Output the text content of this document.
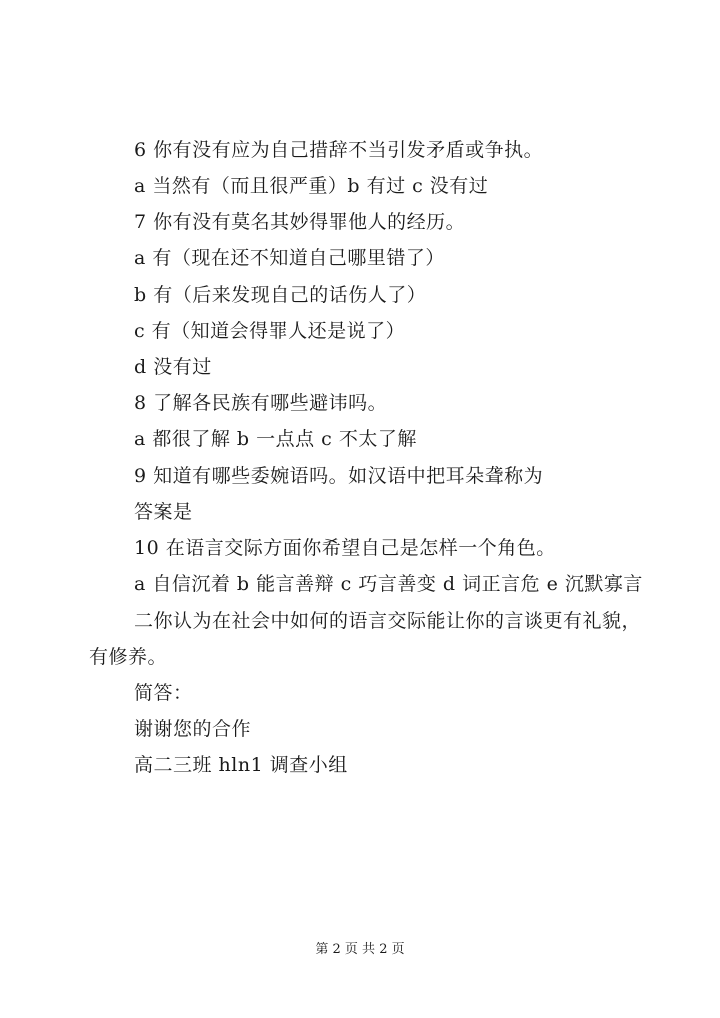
6 你有没有应为自己措辞不当引发矛盾或争执。
a 当然有（而且很严重）b 有过 c 没有过
7 你有没有莫名其妙得罪他人的经历。
a 有（现在还不知道自己哪里错了）
b 有（后来发现自己的话伤人了）
c 有（知道会得罪人还是说了）
d 没有过
8 了解各民族有哪些避讳吗。
a 都很了解 b 一点点 c 不太了解
9 知道有哪些委婉语吗。如汉语中把耳朵聋称为
答案是
10 在语言交际方面你希望自己是怎样一个角色。
a 自信沉着 b 能言善辩 c 巧言善变 d 词正言危 e 沉默寡言
二你认为在社会中如何的语言交际能让你的言谈更有礼貌，
有修养。
简答：
谢谢您的合作
高二三班 hln1 调查小组
第 2 页 共 2 页
